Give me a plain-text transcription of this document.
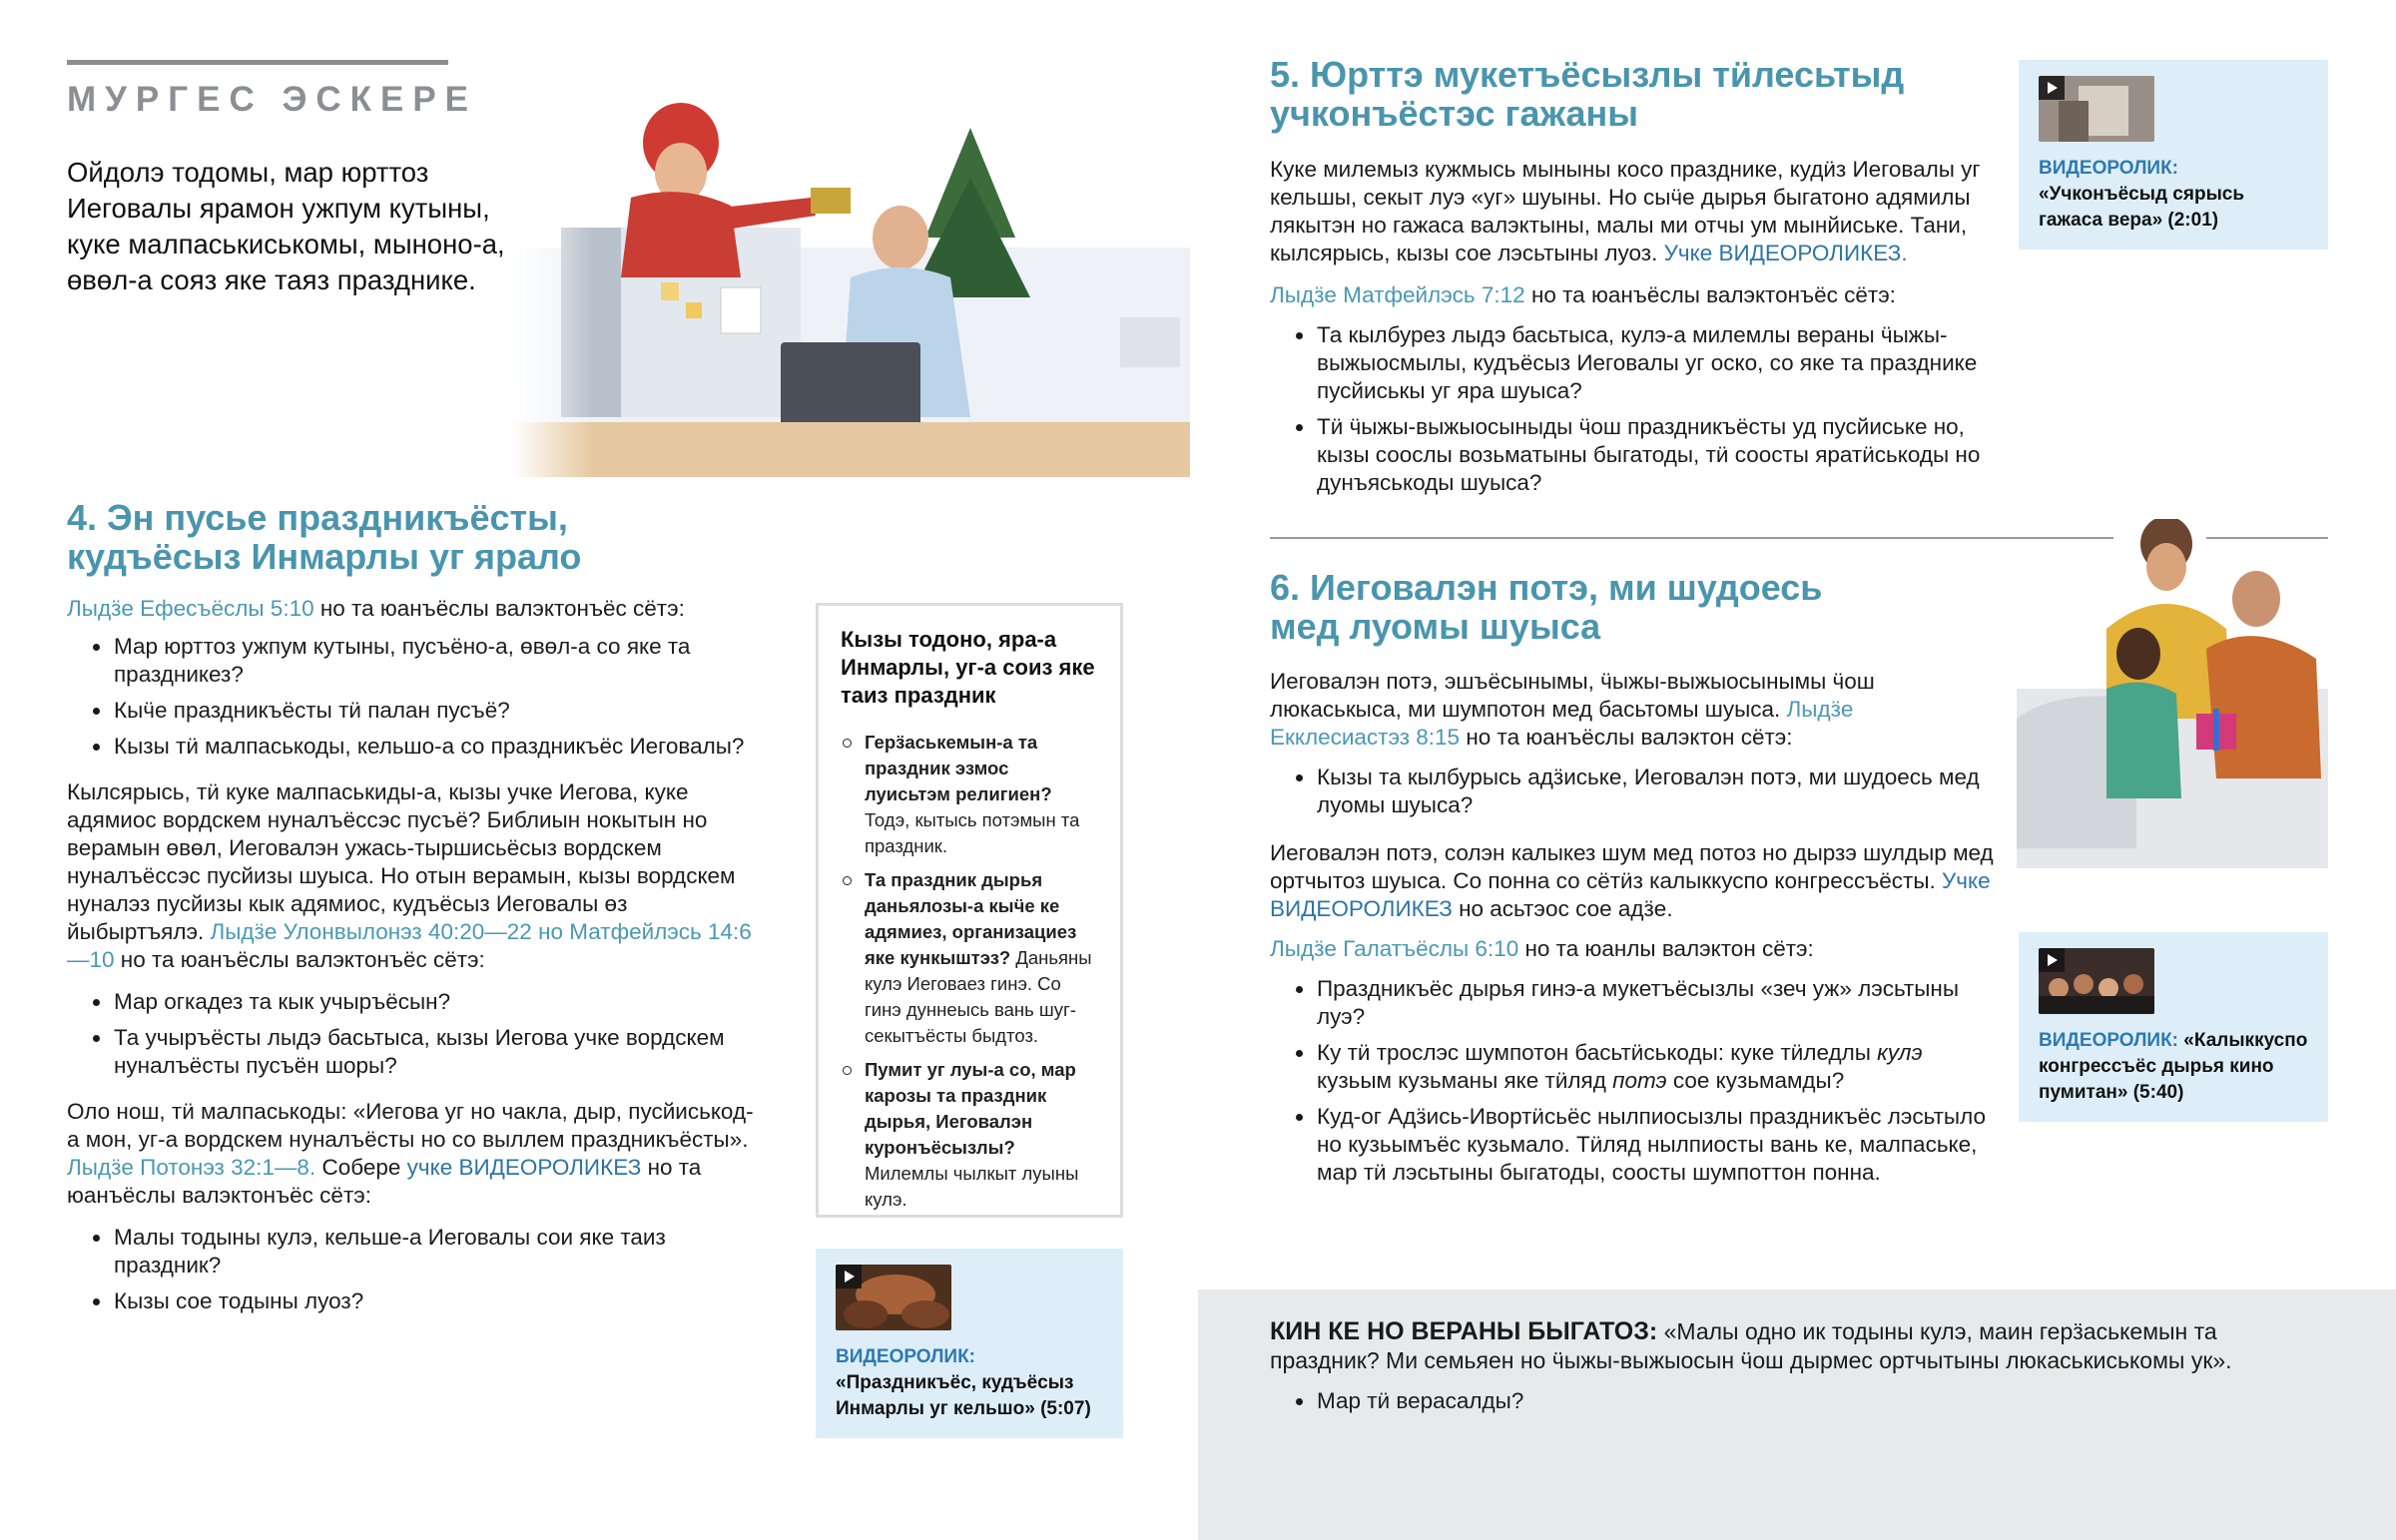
МУРГЕС ЭСКЕРЕ

Ойдолэ тодомы, мар юрттоз Иеговалы ярамон ужпум кутыны, куке малпаськиськомы, мыноно-а, өвөл-а сояз яке таяз празднике.

4. Эн пусье праздникъёсты,
кудъёсыз Инмарлы уг ярало

Лыдӟе Ефесъёслы 5:10 но та юанъёслы валэктонъёс сётэ:

Мар юрттоз ужпум кутыны, пусъёно-а, өвөл-а со яке та праздникез?
Кыӵе праздникъёсты тӥ палан пусъё?
Кызы тӥ малпаськоды, кельшо-а со праздникъёс Иеговалы?

Кылсярысь, тӥ куке малпаськиды-а, кызы учке Иегова, куке адямиос вордскем нуналъёссэс пусъё? Библиын нокытын но верамын өвөл, Иеговалэн ужась-тыршисьёсыз вордскем нуналъёссэс пусйизы шуыса. Но отын верамын, кызы вордскем нуналэз пусйизы кык адямиос, кудъёсыз Иеговалы өз йыбыртъялэ. Лыдӟе Улонвылонэз 40:20—22 но Матфейлэсь 14:6—10 но та юанъёслы валэктонъёс сётэ:

Мар огкадез та кык учыръёсын?
Та учыръёсты лыдэ басьтыса, кызы Иегова учке вордскем нуналъёсты пусъён шоры?

Оло нош, тӥ малпаськоды: «Иегова уг но чакла, дыр, пусйиськод-а мон, уг-а вордскем нуналъёсты но со выллем праздникъёсты». Лыдӟе Потонэз 32:1—8. Собере учке ВИДЕОРОЛИКЕЗ но та юанъёслы валэктонъёс сётэ:

Малы тодыны кулэ, кельше-а Иеговалы сои яке таиз праздник?
Кызы сое тодыны луоз?
Кызы тодоно, яра-а Инмарлы, уг-а соиз яке таиз праздник
Герӟаськемын-а та праздник эзмос луисьтэм религиен? Тодэ, кытысь потэмын та праздник.
Та праздник дырья даньялозы-а кыӵе ке адямиез, организациез яке кункыштэз? Даньяны кулэ Иеговаез гинэ. Со гинэ дуннеысь вань шуг-секытъёсты быдтоз.
Пумит уг луы-а со, мар карозы та праздник дырья, Иеговалэн куронъёсызлы? Милемлы чылкыт луыны кулэ.
ВИДЕОРОЛИК:
«Праздникъёс, кудъёсыз Инмарлы уг кельшо» (5:07)
5. Юрттэ мукетъёсызлы тӥлесьтыд
учконъёстэс гажаны

Куке милемыз кужмысь мыныны косо празднике, кудӥз Иеговалы уг кельшы, секыт луэ «уг» шуыны. Но сыӵе дырья быгатоно адямилы лякытэн но гажаса валэктыны, малы ми отчы ум мынйиське. Тани, кылсярысь, кызы сое лэсьтыны луоз. Учке ВИДЕОРОЛИКЕЗ.

Лыдӟе Матфейлэсь 7:12 но та юанъёслы валэктонъёс сётэ:

Та кылбурез лыдэ басьтыса, кулэ-а милемлы вераны ӵыжы-выжыосмылы, кудъёсыз Иеговалы уг оско, со яке та празднике пусйиськы уг яра шуыса?
Тӥ ӵыжы-выжыосыныды ӵош праздникъёсты уд пусйиське но, кызы соослы возьматыны быгатоды, тӥ соосты яратӥськоды но дунъяськоды шуыса?
ВИДЕОРОЛИК: «Учконъёсыд сярысь гажаса вера» (2:01)
6. Иеговалэн потэ, ми шудоесь
мед луомы шуыса

Иеговалэн потэ, эшъёсынымы, ӵыжы-выжыосынымы ӵош люкаськыса, ми шумпотон мед басьтомы шуыса. Лыдӟе Екклесиастэз 8:15 но та юанъёслы валэктон сётэ:

Кызы та кылбурысь адӟиське, Иеговалэн потэ, ми шудоесь мед луомы шуыса?

Иеговалэн потэ, солэн калыкез шум мед потоз но дырзэ шулдыр мед ортчытоз шуыса. Со понна со сётӥз калыккуспо конгрессъёсты. Учке ВИДЕОРОЛИКЕЗ но асьтэос сое адӟе.

Лыдӟе Галатъёслы 6:10 но та юанлы валэктон сётэ:

Праздникъёс дырья гинэ-а мукетъёсызлы «зеч уж» лэсьтыны луэ?
Ку тӥ трослэс шумпотон басьтӥськоды: куке тӥледлы кулэ кузьым кузьманы яке тӥляд потэ сое кузьмамды?
Куд-ог Адӟись-Ивортӥсьёс нылпиосызлы праздникъёс лэсьтыло но кузьымъёс кузьмало. Тӥляд нылпиосты вань ке, малпаське, мар тӥ лэсьтыны быгатоды, соосты шумпоттон понна.
ВИДЕОРОЛИК: «Калыккуспо конгрессъёс дырья кино пумитан» (5:40)

КИН КЕ НО ВЕРАНЫ БЫГАТОЗ: «Малы одно ик тодыны кулэ, маин герӟаськемын та праздник? Ми семьяен но ӵыжы-выжыосын ӵош дырмес ортчытыны люкаськиськомы ук».

Мар тӥ верасалды?
